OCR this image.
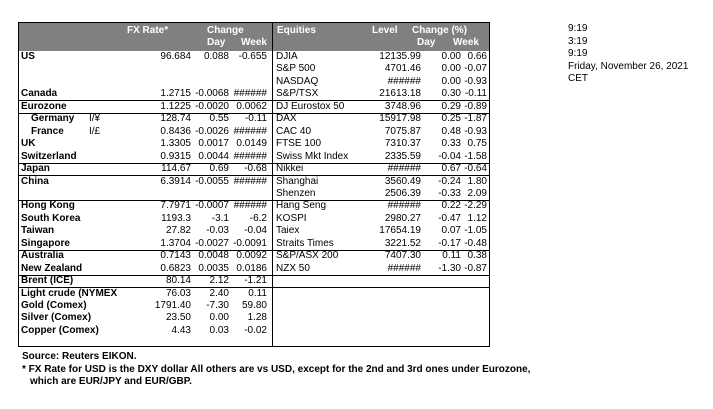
FX Rate*	Change
Day Week
Equities	Level Change (%)
Day Week
US	96.684 0.088 -0.655 DJIA	12135.99 0.00 0.66
S&P 500	4701.46 0.00 -0.07
NASDAQ	###### 0.00 -0.93
Canada	1.2715 -0.0068 ###### S&P/TSX	21613.18 0.30 -0.11
Eurozone	1.1225 -0.0020 0.0062 DJ Eurostox 50	3748.96 0.29 -0.89
Germany I/¥	128.74 0.55 -0.11 DAX	15917.98 0.25 -1.87
France	I/£	0.8436 -0.0026 ###### CAC 40	7075.87 0.48 -0.93
UK	1.3305 0.0017 0.0149 FTSE 100	7310.37 0.33 0.75
Switzerland	0.9315 0.0044 ###### Swiss Mkt Index	2335.59 -0.04 -1.58
Japan	114.67 0.69 -0.68 Nikkei	###### 0.67 -0.64
China	6.3914 -0.0055 ###### Shanghai	3560.49 -0.24 1.80
Shenzen	2506.39 -0.33 2.09
Hong Kong	7.7971 -0.0007 ###### Hang Seng	###### 0.22 -2.29
South Korea	1193.3 -3.1 -6.2 KOSPI	2980.27 -0.47 1.12
Taiwan	27.82 -0.03 -0.04 Taiex	17654.19 0.07 -1.05
Singapore	1.3704 -0.0027 -0.0091 Straits Times	3221.52 -0.17 -0.48
Australia	0.7143 0.0048 0.0092 S&P/ASX 200	7407.30 0.11 0.38
New Zealand	0.6823 0.0035 0.0186 NZX 50	###### -1.30 -0.87
Brent (ICE)	80.14 2.12 -1.21
Light crude (NYMEX	76.03 2.40 0.11
Gold (Comex)	1791.40 -7.30 59.80
Silver (Comex)	23.50 0.00 1.28
Copper (Comex)	4.43 0.03 -0.02
9:19
3:19
9:19
Friday, November 26, 2021
CET
Source: Reuters EIKON.
* FX Rate for USD is the DXY dollar All others are vs USD, except for the 2nd and 3rd ones under Eurozone,
which are EUR/JPY and EUR/GBP.
